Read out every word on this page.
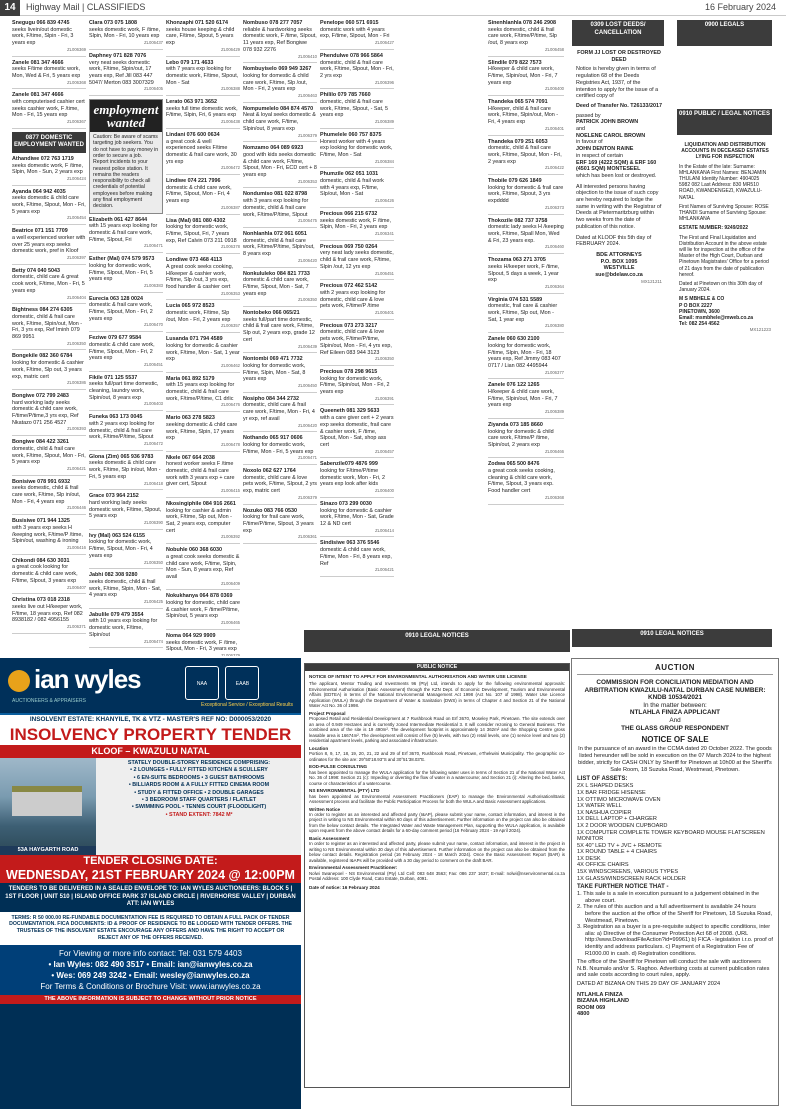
14	Highway Mail | CLASSIFIEDS	16 February 2024
Snegugu 066 839 4745
seeks livein/out domestic work, F/time, Slpin - Fri, 3 years exp
ZL006369
Zanele 081 347 4666
seeks F/time domestic work, Mon, Wed & Fri, 5 years exp
ZL006368
Zanele 081 347 4666
with computerised cashier cert seeks cashier work, F /time, Mon - Fri, 15 years exp
ZL006367
0877 DOMESTIC EMPLOYMENT WANTED
Athandiwe 072 763 1719
seeks domestic work, F /time, Slpin, Mon - Sun, 2 years exp
ZL006424
Ayanda 064 942 4035
seeks domestic & child care work, F/time, Slpout, Mon - Fri, 5 years exp
ZL006454
Beatrice 071 151 7709
a well experienced worker with over 25 years exp seeks domestic work, pref in Kloof
ZL006397
Betty 074 040 5043
domestic, child care & great cook work, F/time, Mon - Fri, 5 years exp
ZL006404
Bightness 084 274 6305
domestic, child & frail care work, F/time, Slpin/out, Mon - Fri, 3 yrs exp, Ref Iminh 079 869 9951
ZL006350
Bongekile 082 360 6784
looking for domestic & cashier work, F/time, Slp out, 3 years exp, matric cert
ZL006386
Bongiwe 072 799 2483
hard working lady seeks domestic & child care work, F/time/P/time,3 yrs exp, Ref Nkatazo 071 256 4527
ZL006393
Bongiwe 084 422 3261
domestic, child & frail care work, F/time, Slpout, Mon - Fri, 5 years exp
ZL006421
Bonisiwe 078 991 6932
seeks domestic, child & frail care work, F/time, Slp in/out, Mon - Fri, 4 years exp
ZL006446
Busisiwe 071 944 1325
with 3 years exp seeks H /keeping work, F/time/P /time, Slpin/out, washing & ironing
ZL006416
Chikondi 084 630 3031
a great cook looking for domestic & child care work, F/time, Slpout, 3 years exp
ZL006407
Christina 073 018 2318
seeks live out H/keeper work, F/time, 18 years exp, Ref 082 8938182 / 082 4956155
ZL006371
Clara 073 075 1808
seeks domestic work, F /time, Slpin, Mon - Fri, 10 years exp
ZL006437
Daphney 071 828 7076
very neat seeks domestic work, F/time, Slpin/out, 17 years exp, Ref Jill 083 447 5047/ Merton 083 3007329
ZL006405
employment wanted
Caution: Be aware of scams targeting job seekers. You do not have to pay money in order to secure a job. Report incidents to your nearest police station. It remains the readers responsibility to check all credentials of potential employees before making any final employment decision.
Elizabeth 061 427 8644
with 15 years exp looking for domestic & frail care work, F/time, Slpout, Fri
ZL006471
Esther (Mal) 074 579 9573
looking for domestic work, F/time, Slpout, Mon - Fri, 5 years exp
ZL006383
Eurecia 063 128 0024
domestic & frail care work, F/time, Slpout, Mon - Fri, 2 years exp
ZL006470
Feziwe 079 677 9584
domestic & child care work, F/time, Slpout, Mon - Fri, 2 years exp
ZL006451
Fikile 071 125 5537
seeks full/part time domestic, cleaning, laundry work, Slpin/out, 8 years exp
ZL006403
Funeka 063 173 0045
with 2 years exp looking for domestic, child & frail care work, F/time/P/time, Slpout
ZL006472
Glona (Zim) 065 936 9783
seeks domestic & child care work, F/time, Slp in/out, Mon - Fri, 5 years exp
ZL006418
Grace 073 964 2152
hard working lady seeks domestic work, F/time, Slpout, 5 years exp
ZL006390
Ivy (Mal) 063 524 6155
looking for domestic work, F/time, Slpout, Mon - Fri, 4 years exp
ZL006350
Jabhi 082 308 9280
seeks domestic, child & frail work, F/time, Slpin, Mon - Sat, 4 years exp
ZL006425
Jabulile 079 479 3554
with 10 years exp looking for domestic work, F/time, Slpin/out
ZL006474
Khonzaphi 071 520 6174
seeks house keeping & child care, F/time, Slpout, 5 years exp
ZL006429
Lebo 079 171 4633
with 7 years exp looking for domestic work, F/time, Slpout, Mon - Sat
ZL006388
Lerato 063 971 3652
seeks full time domestic work, F/time, Slpin, Fri, 6 years exp
ZL006438
Lindani 076 600 0634
a great cook & well experienced seeks F/time domestic & frail care work, 30 yrs exp
ZL006472
Lindiwe 074 221 7996
domestic & child care work, F/time, Slpout, Mon - Fri, 4 years exp
ZL006387
Lisa (Mal) 081 080 4302
looking for domestic work, F/time, Slpout, Fri, 7 years exp, Ref Calvin 073 211 0918
ZL006378
Londiwe 073 468 4113
A great cook seeks cooking, H/keeper & cashier work, F/time, Slp /out, 3 yrs exp, food handler & cashier cert
ZL006353
Lucia 065 972 8523
domestic work, F/time, Slp /out, Mon - Fri, 2 years exp
ZL006357
Lusanda 071 794 4589
looking for domestic & cashier work, F/time, Mon - Sat, 1 year exp
ZL006462
Maria 061 892 5179
with 15 years exp looking for domestic, child & frail care work, F/time/P/time, C1 drlic
ZL006476
Mario 063 278 5823
seeking domestic & child care work, F/time, Slpin, 17 years exp
ZL006478
Nkele 067 664 2038
honest worker seeks F /time domestic, child & frail care work with 3 years exp + care giver cert, Slpout
ZL006415
Nkosingiphile 084 916 2661
looking for cashier & admin work, F/time, Slp out, Mon - Sat, 2 years exp, computer cert
ZL006392
Nobuhle 060 368 6030
a great cook seeks domestic & child care work, F/time, Slpin, Mon - Sun, 8 years exp, Ref avail
ZL006409
Nokukhanya 064 878 0369
looking for domestic, child care & cashier work, F /time/P/time, Slpin/out, 5 years exp
ZL006465
Noma 064 929 9909
seeks domestic work, F /time, Slpout, Mon - Fri, 3 years exp
ZL006379
Nombuso 078 277 7057
reliable & hardworking seeks domestic work, F /time, Slpout, 11 years exp, Ref Bongiwe 078 932 2276
ZL006410
Nombuyiselo 069 949 3267
looking for domestic & child care work, F/time, Slp /out, Mon - Fri, 2 years exp
ZL006463
Nompumelelo 084 874 4570
Neat & loyal seeks domestic & child care work, F/time, Slpin/out, 8 years exp
ZL006379
Nomzamo 064 089 6923
good with kids seeks domestic & child care work, F/time, Slpout, Mon - Fri, ECD cert + 8 years exp
ZL006353
Nondumiso 081 022 8798
with 3 years exp looking for domestic, child & frail care work, F/time/P/time, Slpout
ZL006475
Nonhlanhla 072 061 6051
domestic, child & frail care work, F/time/P/time, Slpin/out, 8 years exp
ZL006420
Nonkululeko 084 821 7733
domestic & child care work, F/time, Slpout, Mon - Sat, 7 years exp
ZL006350
Nontobeko 066 065/21
seeks full/part time domestic, child & frail care work, F/time, Slp out, 2 years exp, grade 12 cert
ZL006439
Nontombi 069 471 7732
looking for domestic work, F/time, Slpin, Mon - Sat, 8 years exp
ZL006450
Nosipho 084 344 2732
domestic, child care & frail care work, F/time, Mon - Fri, 4 yr exp, ref avail
ZL006420
Nothando 065 917 0606
looking for domestic work, F/time, Mon - Fri, 5 years exp
ZL006471
Noxolo 062 627 1764
domestic, child care & love pets work, F/time, Slpout, 2 yrs exp, matric cert
ZL006379
Nozuko 083 766 0530
looking for frail care work, F/time/P/time, Slpout, 3 years exp
ZL006361
Penelope 060 571 6915
domestic work with 4 years exp, F/time, Slpout, Mon - Fri
ZL006427
Phendulwe 078 966 5864
domestic, child & frail care work, F/time, Slpout, Mon - Fri, 2 yrs exp
ZL006396
Phililo 079 785 7660
domestic, child & frail care work, F/time, Slpout, - Sat, 5 years exp
ZL006389
Phumelele 060 757 8375
Honest worker with 4 years exp looking for domestic work, F/time, Mon - Sat
ZL006384
Phumzile 062 051 1031
domestic, child & frail work with 4 years exp, F/time, Slp/out, Mon - Sat
ZL006426
Precious 066 215 6732
seeks domestic work, F /time, Slpin, Mon - Fri, 2 years exp
ZL006341
Precious 069 750 0264
very neat lady seeks domestic, child & frail care work, F/time, Slpin /out, 12 yrs exp
ZL006451
Precious 072 462 5142
with 2 years exp looking for domestic, child care & love pets work, F/time/P /time
ZL006401
Precious 073 273 3217
domestic, child care & love pets work, F/time/P/time, Slpin/out, Mon - Fri, 4 yrs exp, Ref Eileen 083 944 3123
ZL006350
Precious 078 298 9615
looking for domestic work, F/time, Slpin/out, Mon - Fri, 2 years exp
ZL006391
Queeneth 081 329 5633
with a care giver cert + 2 years exp seeks domestic, frail care & cashier work, F /time, Slpout, Mon - Sat, shop ass cert
ZL006457
Sabenzile079 4876 999
looking for F/time/P/time domestic work, Mon - Fri, 2 years exp look after kids
ZL006400
Sinazo 073 299 0030
looking for domestic & cashier work, F/time, Mon - Sat, Grade 12 & ND cert
ZL006414
Sindisiwe 063 376 5546
domestic & child care work, F/time, Mon - Fri, 8 years exp, Ref
ZL006421
Sinenhlanhla 078 246 2908
seeks domestic, child & frail care work, F/time/P/time, Slp /out, 8 years exp
ZL006458
Slindile 079 822 7573
H/keeper & child care work, F/time, Slpin/out, Mon - Fri, 7 years exp
ZL006400
Thandeka 065 574 7091
H/keeper, child & frail care work, F/time, Slpin/out, Mon - Fri, 4 years exp
ZL006401
Thandeka 079 251 6053
domestic, child & frail care work, F/time, Slpout, Mon - Fri, 2 years exp
ZL006422
Thobile 079 626 1849
looking for domestic & frail care work, F/time, Slpout, 3 yrs expdddd
ZL006373
Thokozile 082 737 3758
domestic lady seeks H /keeping work, F/time, Slpall Mon, Wed & Fri, 23 years exp.
ZL006460
Thozama 063 271 3705
seeks H/keeper work, F /time, Slpout, 5 days a week, 1 year exp
ZL006364
Virginia 074 531 5589
domestic, frail care & cashier work, F/time, Slp out, Mon - Sat, 1 year exp
ZL006380
Zanele 060 630 2100
looking for domestic work, F/time, Slpin, Mon - Fri, 18 years exp, Ref Jimmy 083 407 0717 / Lian 082 4495944
ZL006377
Zanele 076 122 1265
H/keeper & child care work, F/time, Slpin/out, Mon - Fri, 7 years exp
ZL006389
Ziyanda 073 185 8660
looking for domestic & child care work, F/time/P /time, Slpin/out, 2 years exp
ZL006466
Zodwa 065 500 8476
a great cook seeks cooking, cleaning & child care work, F/time, Slpout, 3 years exp. Food handler cert
ZL006368
0309 LOST DEEDS/ CANCELLATION
FORM JJ LOST OR DESTROYED DEED
Notice is hereby given in terms of regulation 68 of the Deeds Registries Act, 1937, of the intention to apply for the issue of a certified copy of
Deed of Transfer No. T26133/2017
passed by
PATRICK JOHN BROWN
and
NOELENE CAROL BROWN
in favour of
JOHN DENTON RAINE
in respect of certain
ERF 169 (4222 SQM) & ERF 160 (4501 SQM) MONTESEEL
which has been lost or destroyed.
All interested persons having objection to the issue of such copy are hereby required to lodge the same in writing with the Registrar of Deeds at Pietermaritzburg within two weeks from the date of publication of this notice.
Dated at KLOOF this 5th day of FEBRUARY 2024.
BDE ATTORNEYS
P.O. BOX 1095
WESTVILLE
sue@bdelaw.co.za
MX121211
0900 LEGALS
0910 PUBLIC / LEGAL NOTICES
LIQUIDATION AND DISTRIBUTION ACCOUNTS IN DECEASED ESTATES LYING FOR INSPECTION
In the Estate of the late: Surname: MHLANKANA First Names: BENJAMIN THULANI Identity Number: 4904025 5982 082 Last Address: 830 MR510 ROAD, KWANDENGEZI, KWAZULU-NATAL
First Names of Surviving Spouse: ROSE THANDI Surname of Surviving Spouse: MHLANKANA
ESTATE NUMBER: 9249/2022
The First and Final Liquidation and Distribution Account in the above estate will lie for inspection at the office of the Master of the High Court, Durban and Pinetown Magistrates' Office for a period of 21 days from the date of publication hereof.
Dated at Pinetown on this 30th day of January 2024.
M S MBHELE & CO
P O BOX 2227
PINETOWN, 3600
Email: msmbhele@mweb.co.za
Tel: 082 254 4562
MX121223
0910 LEGAL NOTICES
0910 LEGAL NOTICES
PUBLIC NOTICE
NOTICE OF INTENT TO APPLY FOR ENVIRONMENTAL AUTHORISATION AND WATER USE LICENSE

The applicant, Mentor Trading and Investments 96 (Pty) Ltd, intends to apply for the following environmental approvals: Environmental Authorisation (Basic Assessment) through the KZN Dept. of Economic Development, Tourism and Environmental Affairs (EDTEA) in terms of the National Environmental Management Act 1998 (Act No. 107 of 1998). Water Use Licence Application (WULA) through the Department of Water & Sanitation (DWS) in terms of Chapter 4 and Section 21 of the National Water Act No. 36 of 1998.

Project Proposal

Proposed Retail and Residential Development at 7 Rushbrook Road on Erf 3670, Moseley Park, Pinetown. The site extends over an area of 0.949 Hectares and is currently zoned Intermediate Residential 3. It will consider rezoning to General Business. The combined area of the site is 19 490m². The development footprint is approximately 14 362m² and the Shopping Centre gross leasable area is 16674m². The development will consist of five (5) levels, with two (2) retail levels, one (1) service level and two (2) residential apartment levels, parking and associated infrastructure.

Location

Portion 8, 9, 17, 18, 19, 20, 21, 22 and 29 of Erf 3670, Rushbrook Road, Pinetown, eThekwini Municipality. The geographic co-ordinates for the site are: 29°50'18.93"S and 30°51'38.03"E.

EOD-PULSE CONSULTING

has been appointed to manage the WULA application for the following water uses in terms of Section 21 of the National Water Act No. 36 of 1998: Section 21 (c): Impeding or diverting the flow of water in a watercourse; and Section 21 (i): Altering the bed, banks, course or characteristics of a watercourse.

NS ENVIRONMENTAL (PTY) LTD

has been appointed as Environmental Assessment Practitioners (EAP) to manage the Environmental Authorisation/Basic Assessment process and facilitate the Public Participation Process for both the WULA and Basic Assessment applications.

Written Notice

In order to register as an interested and affected party (I&AP), please submit your name, contact information, and interest in the project in writing to NS Environmental within 60 days of this advertisement. Further information on the project can also be obtained from the below contact details. The Integrated Water and Waste Management Plan, supporting the WULA application, is available upon request from the above contact details for a 60-day comment period (16 February 2024 - 19 April 2024).

Basic Assessment

In order to register as an interested and affected party, please submit your name, contact information, and interest in the project in writing to NS Environmental within 30 days of this advertisement. Further information on the project can also be obtained from the below contact details. Registration period (16 February 2024 - 18 March 2024). Once the Basic Assessment Report (BAR) is available, registered I&APs will be provided with a 30 day period to comment on the draft BAR.

Environmental Assessment Practitioner:

Nolwi Swanepoel - NS Environmental (Pty) Ltd Cell: 083 648 3563; Fax: 086 237 1637; E-mail: nolwi@nsenvironmental.co.za Postal Address: 100 Clyde Road, Cato Estate, Durban, 4091.

Date of notice: 16 February 2024
AUCTION
COMMISSION FOR CONCILIATION MEDIATION AND ARBITRATION KWAZULU-NATAL DURBAN CASE NUMBER: KNDB 10534/2021
In the matter between:
NTLAHLA FINIZA APPLICANT
And
THE GLASS GROUP RESPONDENT
NOTICE OF SALE
In the pursuance of an award in the CCMA dated 20 October 2022. The goods listed hereunder will be sold in execution on the 07 March 2024 to the highest bidder, strictly for CASH ONLY by Sheriff for Pinetown at 10h00 at the Sheriff's Sale Room, 18 Suzuka Road, Westmead, Pinetown.
LIST OF ASSETS:
2X L SHAPED DESKS
1X BAR FRIDGE HISENSE
1X OTTIMO MICROWAVE OVEN
1X WATER WELL
1X NASHUA COPIER
1X DELL LAPTOP + CHARGER
1X 2 DOOR WOODEN CUPBOARD
1X COMPUTER COMPLETE TOWER KEYBOARD MOUSE FLATSCREEN MONITOR
5X 40" LED TV + JVC + REMOTE
1X ROUND TABLE + 4 CHAIRS
1X DESK
4X OFFICE CHAIRS
15X WINDSCREENS, VARIOUS TYPES
1X GLASS/WINDSCREEN RACK HOLDER
TAKE FURTHER NOTICE THAT -
1. This sale is a sale in execution pursuant to a judgement obtained in the above court.
2. The rules of this auction and a full advertisement is available 24 hours before the auction at the office of the Sheriff for Pinetown, 18 Suzuka Road, Westmead, Pinetown.
3. Registration as a buyer is a pre-requisite subject to specific conditions, inter alia: a) Directive of the Consumer Protection Act 68 of 2008. (URL http://www.DownloadFileAction?id=99961) b) FICA - legislation i.r.o. proof of identity and address particulars. c) Payment of a Registration Fee of R1000.00 in cash. d) Registration conditions.
The office of the Sheriff for Pinetown will conduct the sale with auctioneers N.B. Nxumalo and/or S. Raghoo. Advertising costs at current publication rates and sale costs according to court rules, apply.
DATED AT BIZANA ON THIS 29 DAY OF JANUARY 2024
NTLAHLA FINIZA
BIZANA HIGHLAND
ROOM 069
4800
ian wyles
AUCTIONEERS & APPRAISERS
NAA	EAAB
Exceptional Service / Exceptional Results
INSOLVENT ESTATE: KHANYILE, TK & VTZ - MASTER'S REF NO: D000053/2020
INSOLVENCY PROPERTY TENDER
KLOOF – KWAZULU NATAL
53A HAYGARTH ROAD
STATELY DOUBLE-STOREY RESIDENCE COMPRISING:
• 2 LOUNGES • FULLY FITTED KITCHEN & SCULLERY
• 6 EN-SUITE BEDROOMS • 3 GUEST BATHROOMS
• BILLIARDS ROOM & A FULLY FITTED CINEMA ROOM
• STUDY & FITTED OFFICE • 2 DOUBLE GARAGES
• 3 BEDROOM STAFF QUARTERS / FLATLET
• SWIMMING POOL • TENNIS COURT (FLOODLIGHT)
• STAND EXTENT: 7842 M²
TENDER CLOSING DATE:
WEDNESDAY, 21ST FEBRUARY 2024 @ 12:00PM
TENDERS TO BE DELIVERED IN A SEALED ENVELOPE TO: IAN WYLES AUCTIONEERS: BLOCK 5 | 1ST FLOOR | UNIT 510 | ISLAND OFFICE PARK 37 ISLAND CIRCLE | RIVERHORSE VALLEY | DURBAN ATT: IAN WYLES
TERMS: R 50 000.00 RE-FUNDABLE DOCUMENTATION FEE IS REQUIRED TO OBTAIN A FULL PACK OF TENDER DOCUMENTATION. FICA DOCUMENTS: ID & PROOF OF RESIDENCE TO BE LODGED WITH TENDER OFFERS. THE TRUSTEES OF THE INSOLVENT ESTATE ENCOURAGE ANY OFFERS AND HAVE THE RIGHT TO ACCEPT OR REJECT ANY OF THE OFFERS RECEIVED.
For Viewing or more info contact: Tel: 031 579 4403
• Ian Wyles: 082 490 3517 • Email: ian@ianwyles.co.za
• Wes: 069 249 3242 • Email: wesley@ianwyles.co.za
For Terms & Conditions or Brochure Visit: www.ianwyles.co.za
THE ABOVE INFORMATION IS SUBJECT TO CHANGE WITHOUT PRIOR NOTICE
